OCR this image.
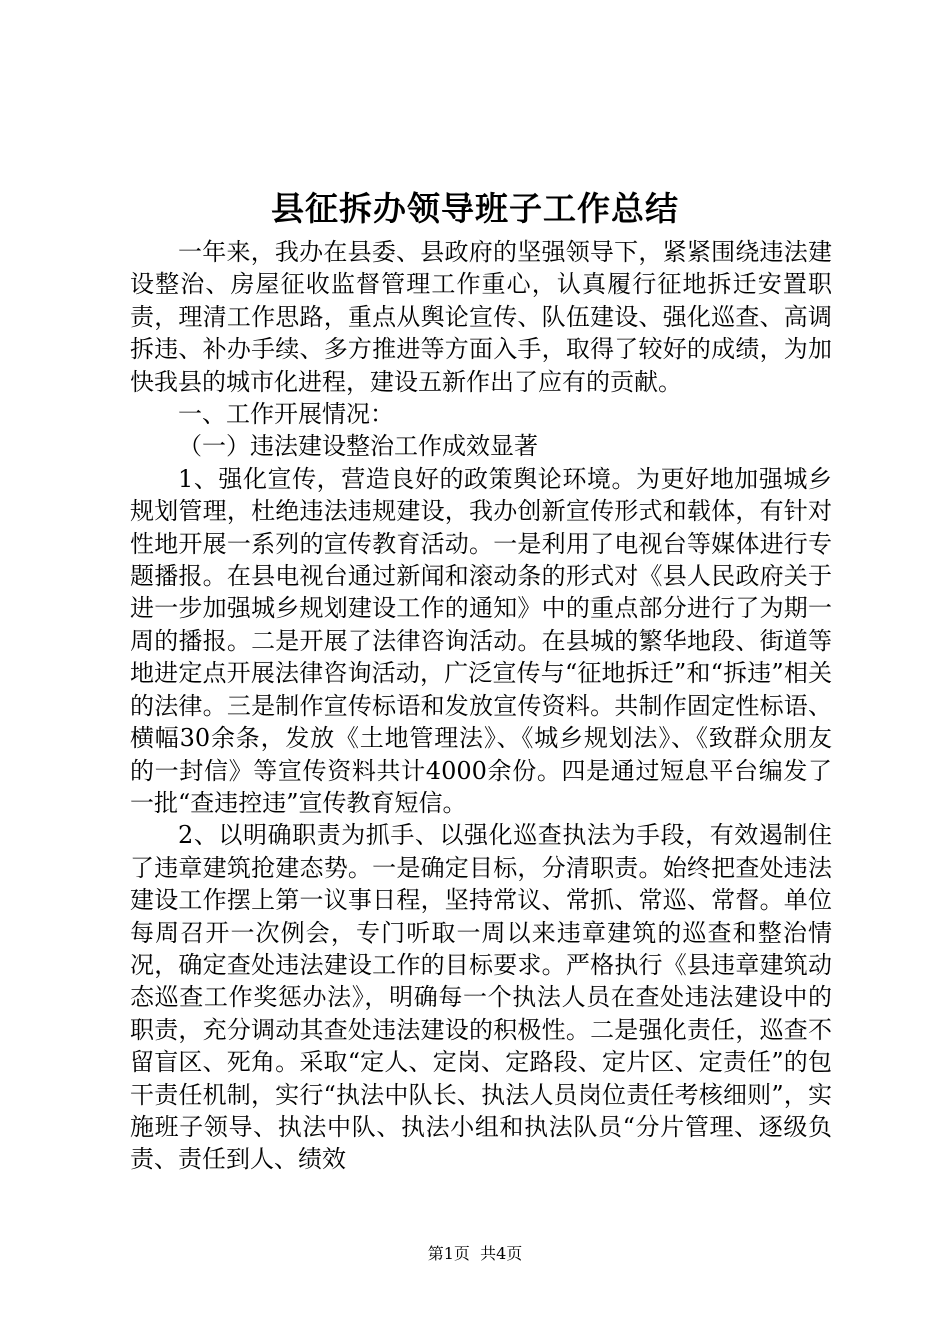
县征拆办领导班子工作总结

一年来，我办在县委、县政府的坚强领导下，紧紧围绕违法建设整治、房屋征收监督管理工作重心，认真履行征地拆迁安置职责，理清工作思路，重点从舆论宣传、队伍建设、强化巡查、高调拆违、补办手续、多方推进等方面入手，取得了较好的成绩，为加快我县的城市化进程，建设五新作出了应有的贡献。

一、工作开展情况：

（一）违法建设整治工作成效显著

1、强化宣传，营造良好的政策舆论环境。为更好地加强城乡规划管理，杜绝违法违规建设，我办创新宣传形式和载体，有针对性地开展一系列的宣传教育活动。一是利用了电视台等媒体进行专题播报。在县电视台通过新闻和滚动条的形式对《县人民政府关于进一步加强城乡规划建设工作的通知》中的重点部分进行了为期一周的播报。二是开展了法律咨询活动。在县城的繁华地段、街道等地进定点开展法律咨询活动，广泛宣传与“征地拆迁”和“拆违”相关的法律。三是制作宣传标语和发放宣传资料。共制作固定性标语、横幅30余条，发放《土地管理法》、《城乡规划法》、《致群众朋友的一封信》等宣传资料共计4000余份。四是通过短息平台编发了一批“查违控违”宣传教育短信。

2、以明确职责为抓手、以强化巡查执法为手段，有效遏制住了违章建筑抢建态势。一是确定目标，分清职责。始终把查处违法建设工作摆上第一议事日程，坚持常议、常抓、常巡、常督。单位每周召开一次例会，专门听取一周以来违章建筑的巡查和整治情况，确定查处违法建设工作的目标要求。严格执行《县违章建筑动态巡查工作奖惩办法》，明确每一个执法人员在查处违法建设中的职责，充分调动其查处违法建设的积极性。二是强化责任，巡查不留盲区、死角。采取“定人、定岗、定路段、定片区、定责任”的包干责任机制，实行“执法中队长、执法人员岗位责任考核细则”，实施班子领导、执法中队、执法小组和执法队员“分片管理、逐级负责、责任到人、绩效

第1页 共4页
